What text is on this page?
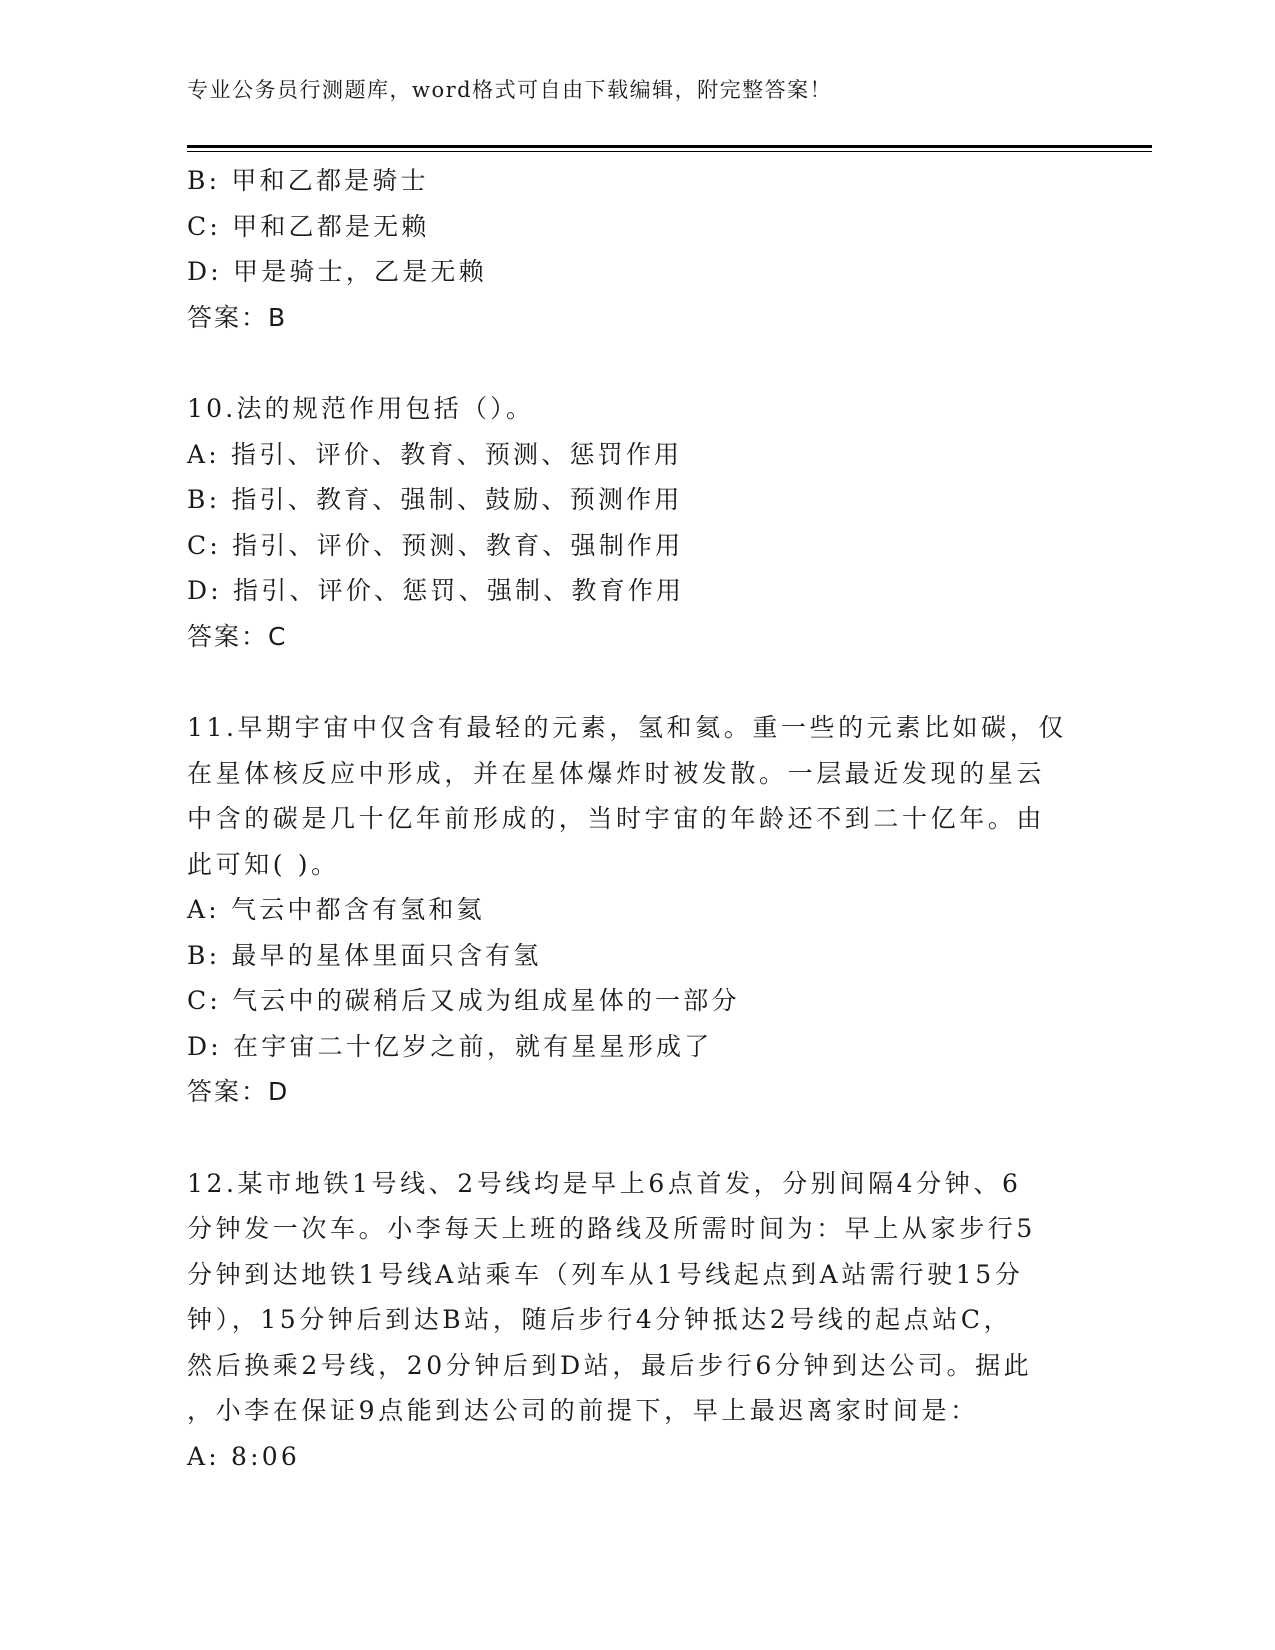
专业公务员行测题库，word格式可自由下载编辑，附完整答案！
B: 甲和乙都是骑士
C: 甲和乙都是无赖
D: 甲是骑士，乙是无赖
答案：B
10.法的规范作用包括（）。
A: 指引、评价、教育、预测、惩罚作用
B: 指引、教育、强制、鼓励、预测作用
C: 指引、评价、预测、教育、强制作用
D: 指引、评价、惩罚、强制、教育作用
答案：C
11.早期宇宙中仅含有最轻的元素，氢和氦。重一些的元素比如碳，仅
在星体核反应中形成，并在星体爆炸时被发散。一层最近发现的星云
中含的碳是几十亿年前形成的，当时宇宙的年龄还不到二十亿年。由
此可知( )。
A: 气云中都含有氢和氦
B: 最早的星体里面只含有氢
C: 气云中的碳稍后又成为组成星体的一部分
D: 在宇宙二十亿岁之前，就有星星形成了
答案：D
12.某市地铁1号线、2号线均是早上6点首发，分别间隔4分钟、6
分钟发一次车。小李每天上班的路线及所需时间为：早上从家步行5
分钟到达地铁1号线A站乘车（列车从1号线起点到A站需行驶15分
钟），15分钟后到达B站，随后步行4分钟抵达2号线的起点站C，
然后换乘2号线，20分钟后到D站，最后步行6分钟到达公司。据此
，小李在保证9点能到达公司的前提下，早上最迟离家时间是：
A: 8:06
